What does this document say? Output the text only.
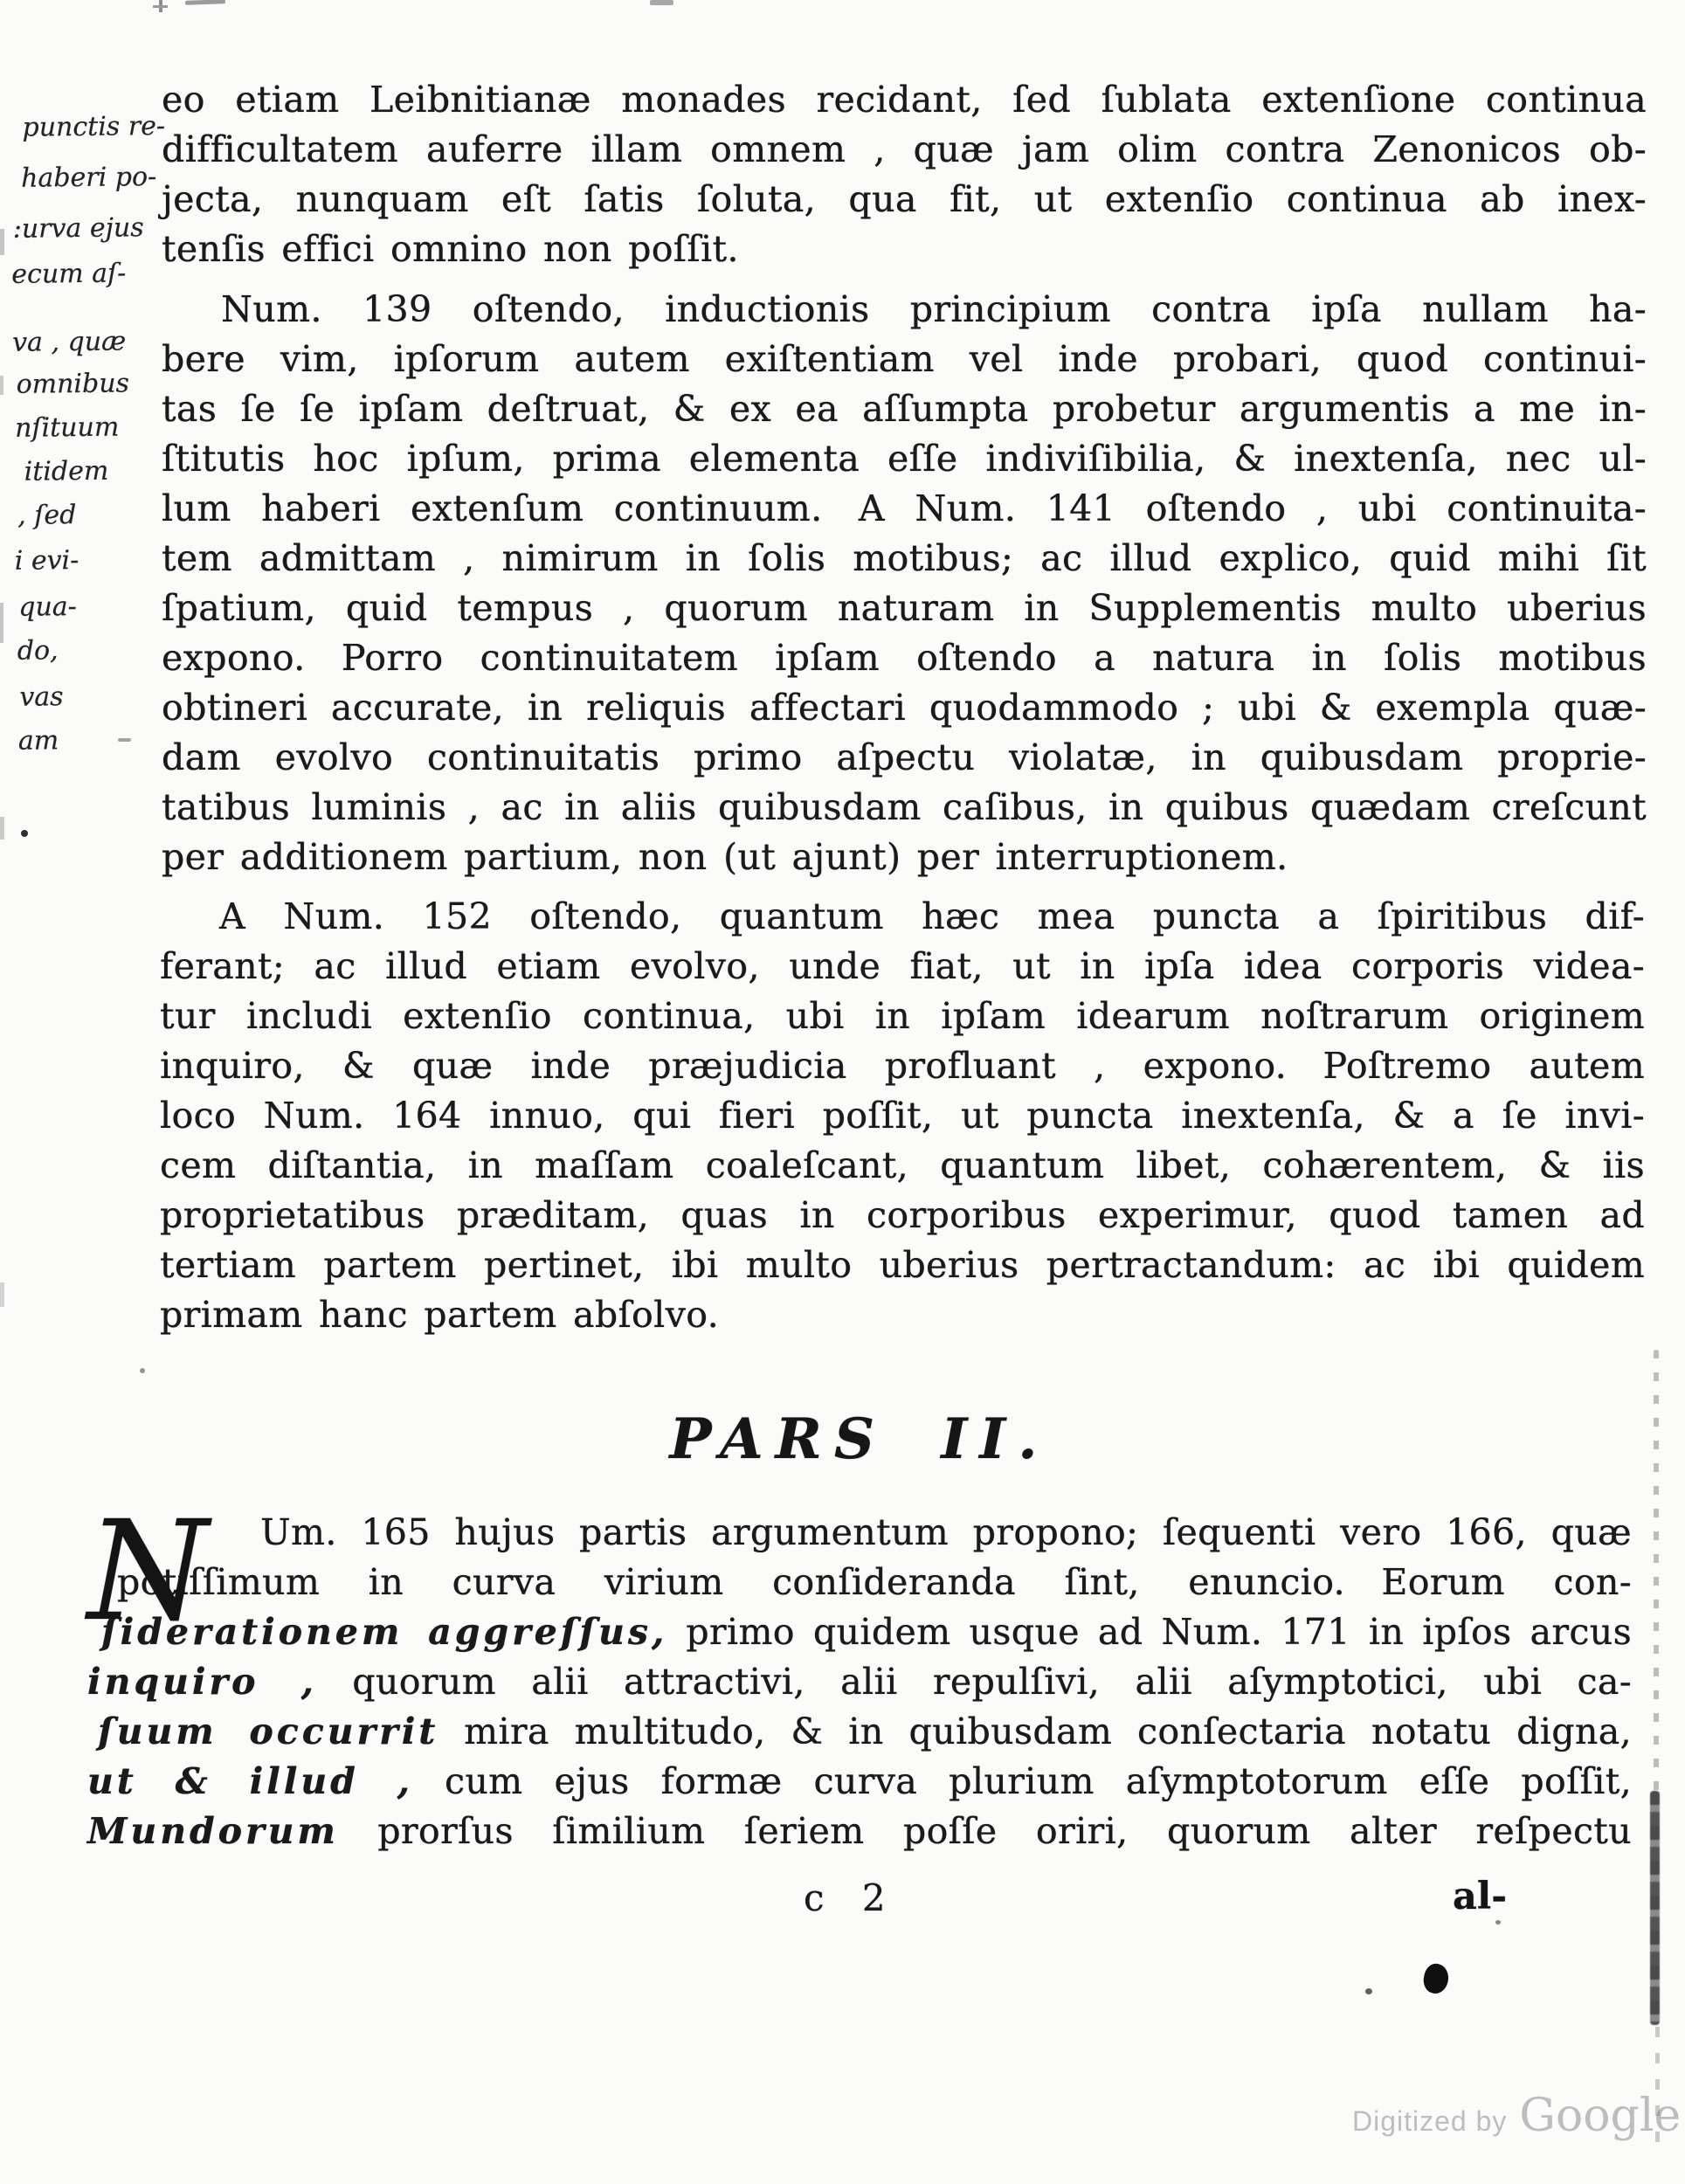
punctis re-
haberi po-
:urva ejus
ecum aſ-
va , quæ
omnibus
nſituum
itidem
, ſed
i evi-
qua-
do,
vas
am
eo etiam Leibnitianæ monades recidant, ſed ſublata extenſione continua
difficultatem auferre illam omnem , quæ jam olim contra Zenonicos ob-
jecta, nunquam eſt ſatis ſoluta, qua fit, ut extenſio continua ab inex-
tenſis effici omnino non poſſit.
Num. 139 oſtendo, inductionis principium contra ipſa nullam ha-
bere vim, ipſorum autem exiſtentiam vel inde probari, quod continui-
tas ſe ſe ipſam deſtruat, & ex ea aſſumpta probetur argumentis a me in-
ſtitutis hoc ipſum, prima elementa eſſe indiviſibilia, & inextenſa, nec ul-
lum haberi extenſum continuum. A Num. 141 oſtendo , ubi continuita-
tem admittam , nimirum in ſolis motibus; ac illud explico, quid mihi ſit
ſpatium, quid tempus , quorum naturam in Supplementis multo uberius
expono. Porro continuitatem ipſam oſtendo a natura in ſolis motibus
obtineri accurate, in reliquis affectari quodammodo ; ubi & exempla quæ-
dam evolvo continuitatis primo aſpectu violatæ, in quibusdam proprie-
tatibus luminis , ac in aliis quibusdam caſibus, in quibus quædam creſcunt
per additionem partium, non (ut ajunt) per interruptionem.
A Num. 152 oſtendo, quantum hæc mea puncta a ſpiritibus dif-
ferant; ac illud etiam evolvo, unde fiat, ut in ipſa idea corporis videa-
tur includi extenſio continua, ubi in ipſam idearum noſtrarum originem
inquiro, & quæ inde præjudicia profluant , expono. Poſtremo autem
loco Num. 164 innuo, qui fieri poſſit, ut puncta inextenſa, & a ſe invi-
cem diſtantia, in maſſam coaleſcant, quantum libet, cohærentem, & iis
proprietatibus præditam, quas in corporibus experimur, quod tamen ad
tertiam partem pertinet, ibi multo uberius pertractandum: ac ibi quidem
primam hanc partem abſolvo.
PARS II.
N Um. 165 hujus partis argumentum propono; ſequenti vero 166, quæ
potiſſimum in curva virium conſideranda ſint, enuncio. Eorum con-
ſiderationem aggreſſus, primo quidem usque ad Num. 171 in ipſos arcus
inquiro , quorum alii attractivi, alii repulſivi, alii aſymptotici, ubi ca-
ſuum occurrit mira multitudo, & in quibusdam conſectaria notatu digna,
ut & illud , cum ejus formæ curva plurium aſymptotorum eſſe poſſit,
Mundorum prorſus ſimilium ſeriem poſſe oriri, quorum alter reſpectu
c 2	al-
Digitized by Google
